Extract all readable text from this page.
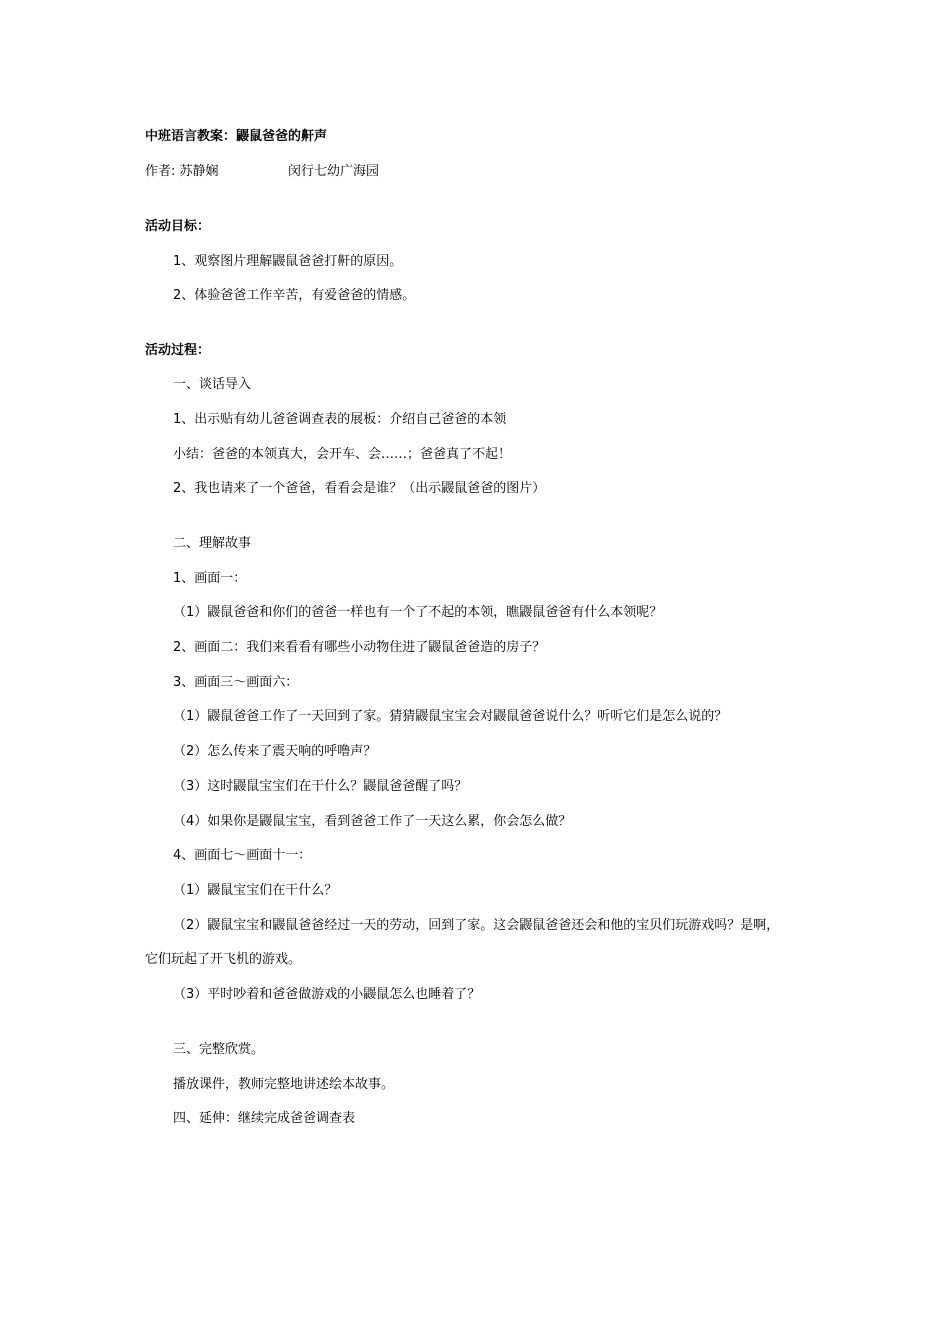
中班语言教案：鼹鼠爸爸的鼾声
作者: 苏静娴	闵行七幼广海园
活动目标：
1、观察图片理解鼹鼠爸爸打鼾的原因。
2、体验爸爸工作辛苦，有爱爸爸的情感。
活动过程：
一、谈话导入
1、出示贴有幼儿爸爸调查表的展板：介绍自己爸爸的本领
小结：爸爸的本领真大，会开车、会……；爸爸真了不起！
2、我也请来了一个爸爸，看看会是谁？（出示鼹鼠爸爸的图片）
二、理解故事
1、画面一：
（1）鼹鼠爸爸和你们的爸爸一样也有一个了不起的本领，瞧鼹鼠爸爸有什么本领呢？
2、画面二：我们来看看有哪些小动物住进了鼹鼠爸爸造的房子？
3、画面三～画面六：
（1）鼹鼠爸爸工作了一天回到了家。猜猜鼹鼠宝宝会对鼹鼠爸爸说什么？听听它们是怎么说的？
（2）怎么传来了震天响的呼噜声？
（3）这时鼹鼠宝宝们在干什么？鼹鼠爸爸醒了吗？
（4）如果你是鼹鼠宝宝，看到爸爸工作了一天这么累，你会怎么做？
4、画面七～画面十一：
（1）鼹鼠宝宝们在干什么？
（2）鼹鼠宝宝和鼹鼠爸爸经过一天的劳动，回到了家。这会鼹鼠爸爸还会和他的宝贝们玩游戏吗？是啊，
它们玩起了开飞机的游戏。
（3）平时吵着和爸爸做游戏的小鼹鼠怎么也睡着了？
三、完整欣赏。
播放课件，教师完整地讲述绘本故事。
四、延伸：继续完成爸爸调查表
